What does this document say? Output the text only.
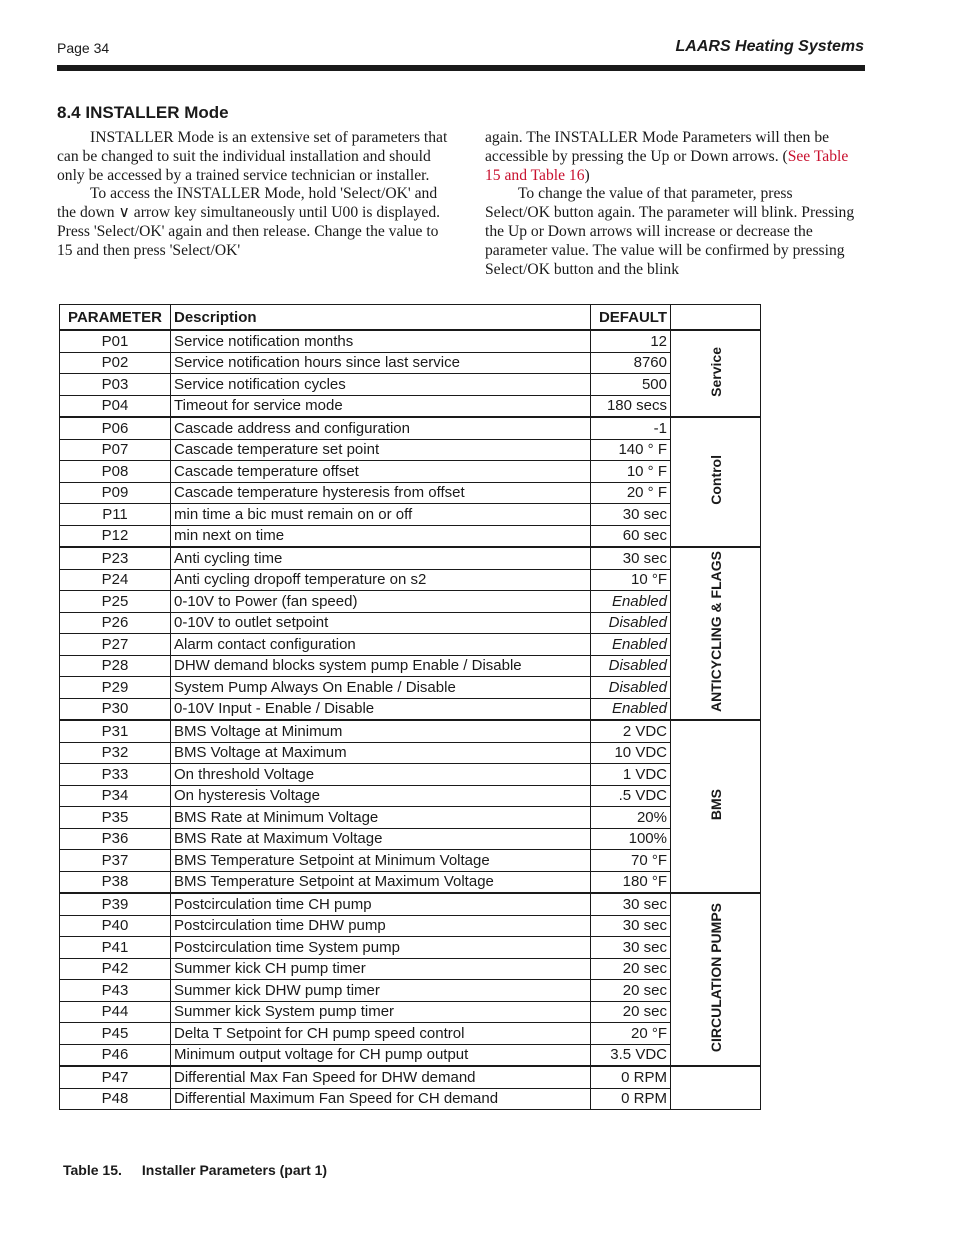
Page 34	LAARS Heating Systems
8.4 INSTALLER Mode

INSTALLER Mode is an extensive set of parameters that can be changed to suit the individual installation and should only be accessed by a trained service technician or installer.

To access the INSTALLER Mode, hold 'Select/OK' and the down ∨ arrow key simultaneously until U00 is displayed. Press 'Select/OK' again and then release. Change the value to 15 and then press 'Select/OK'

again. The INSTALLER Mode Parameters will then be accessible by pressing the Up or Down arrows. (See Table 15 and Table 16)

To change the value of that parameter, press Select/OK button again. The parameter will blink. Pressing the Up or Down arrows will increase or decrease the parameter value. The value will be confirmed by pressing Select/OK button and the blink

PARAMETER	Description	DEFAULT	
P01	Service notification months	12	Service
P02	Service notification hours since last service	8760	
P03	Service notification cycles	500	
P04	Timeout for service mode	180 secs	
P06	Cascade address and configuration	-1	Control
P07	Cascade temperature set point	140 ° F	
P08	Cascade temperature offset	10 ° F	
P09	Cascade temperature hysteresis from offset	20 ° F	
P11	min time a bic must remain on or off	30 sec	
P12	min next on time	60 sec	
P23	Anti cycling time	30 sec	ANTICYCLING & FLAGS
P24	Anti cycling dropoff temperature on s2	10 °F	
P25	0-10V to Power (fan speed)	Enabled	
P26	0-10V to outlet setpoint	Disabled	
P27	Alarm contact configuration	Enabled	
P28	DHW demand blocks system pump Enable / Disable	Disabled	
P29	System Pump Always On Enable / Disable	Disabled	
P30	0-10V Input - Enable / Disable	Enabled	
P31	BMS Voltage at Minimum	2 VDC	BMS
P32	BMS Voltage at Maximum	10 VDC	
P33	On threshold Voltage	1 VDC	
P34	On hysteresis Voltage	.5 VDC	
P35	BMS Rate at Minimum Voltage	20%	
P36	BMS Rate at Maximum Voltage	100%	
P37	BMS Temperature Setpoint at Minimum Voltage	70 °F	
P38	BMS Temperature Setpoint at Maximum Voltage	180 °F	
P39	Postcirculation time CH pump	30 sec	CIRCULATION PUMPS
P40	Postcirculation time DHW pump	30 sec	
P41	Postcirculation time System pump	30 sec	
P42	Summer kick CH pump timer	20 sec	
P43	Summer kick DHW pump timer	20 sec	
P44	Summer kick System pump timer	20 sec	
P45	Delta T Setpoint for CH pump speed control	20 °F	
P46	Minimum output voltage for CH pump output	3.5 VDC	
P47	Differential Max Fan Speed for DHW demand	0 RPM	
P48	Differential Maximum Fan Speed for CH demand	0 RPM	
Table 15. Installer Parameters (part 1)
